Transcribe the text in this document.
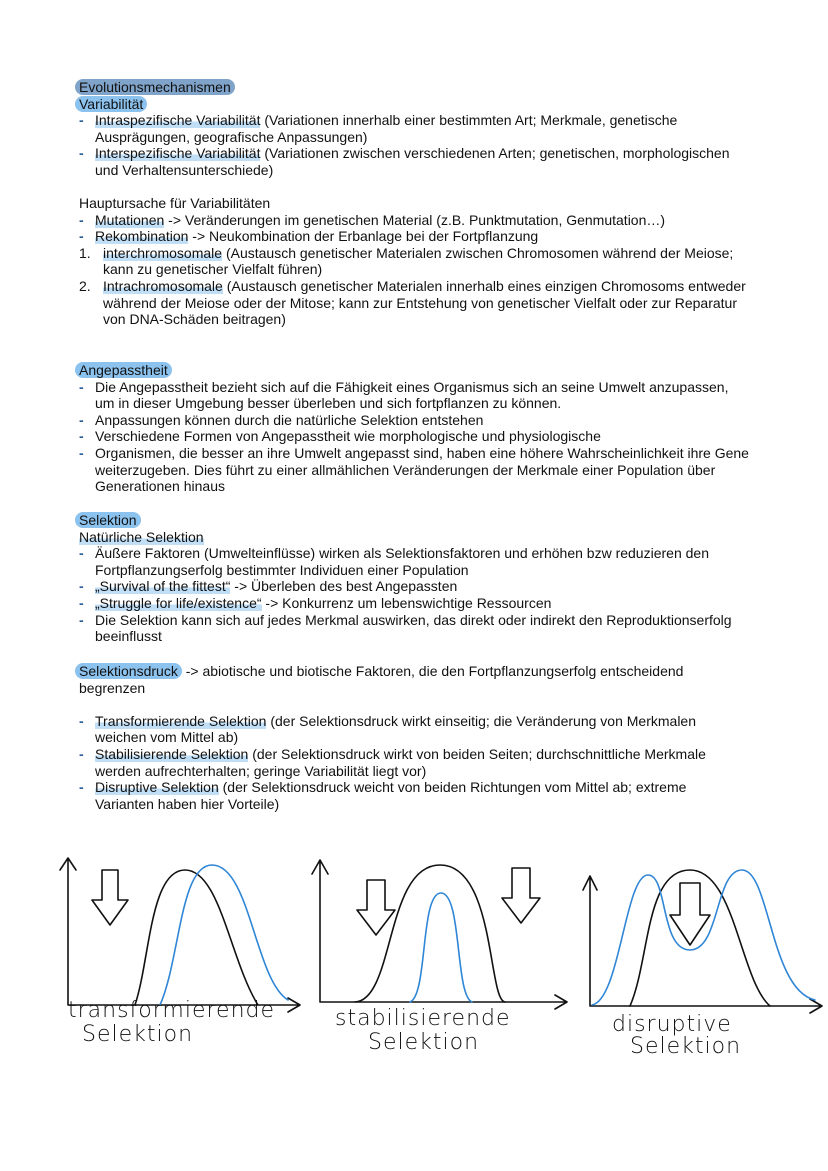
Evolutionsmechanismen
Variabilität
- Intraspezifische Variabilität (Variationen innerhalb einer bestimmten Art; Merkmale, genetische Ausprägungen, geografische Anpassungen)
- Interspezifische Variabilität (Variationen zwischen verschiedenen Arten; genetischen, morphologischen und Verhaltensunterschiede)
Hauptursache für Variabilitäten
- Mutationen -> Veränderungen im genetischen Material (z.B. Punktmutation, Genmutation…)
- Rekombination -> Neukombination der Erbanlage bei der Fortpflanzung
1. interchromosomale (Austausch genetischer Materialen zwischen Chromosomen während der Meiose; kann zu genetischer Vielfalt führen)
2. Intrachromosomale (Austausch genetischer Materialen innerhalb eines einzigen Chromosoms entweder während der Meiose oder der Mitose; kann zur Entstehung von genetischer Vielfalt oder zur Reparatur von DNA-Schäden beitragen)
Angepasstheit
- Die Angepasstheit bezieht sich auf die Fähigkeit eines Organismus sich an seine Umwelt anzupassen, um in dieser Umgebung besser überleben und sich fortpflanzen zu können.
- Anpassungen können durch die natürliche Selektion entstehen
- Verschiedene Formen von Angepasstheit wie morphologische und physiologische
- Organismen, die besser an ihre Umwelt angepasst sind, haben eine höhere Wahrscheinlichkeit ihre Gene weiterzugeben. Dies führt zu einer allmählichen Veränderungen der Merkmale einer Population über Generationen hinaus
Selektion
Natürliche Selektion
- Äußere Faktoren (Umwelteinflüsse) wirken als Selektionsfaktoren und erhöhen bzw reduzieren den Fortpflanzungserfolg bestimmter Individuen einer Population
- „Survival of the fittest“ -> Überleben des best Angepassten
- „Struggle for life/existence“ -> Konkurrenz um lebenswichtige Ressourcen
- Die Selektion kann sich auf jedes Merkmal auswirken, das direkt oder indirekt den Reproduktionserfolg beeinflusst
Selektionsdruck -> abiotische und biotische Faktoren, die den Fortpflanzungserfolg entscheidend begrenzen
- Transformierende Selektion (der Selektionsdruck wirkt einseitig; die Veränderung von Merkmalen weichen vom Mittel ab)
- Stabilisierende Selektion (der Selektionsdruck wirkt von beiden Seiten; durchschnittliche Merkmale werden aufrechterhalten; geringe Variabilität liegt vor)
- Disruptive Selektion (der Selektionsdruck weicht von beiden Richtungen vom Mittel ab; extreme Varianten haben hier Vorteile)
transformierende
Selektion
stabilisierende
Selektion
disruptive
Selektion
